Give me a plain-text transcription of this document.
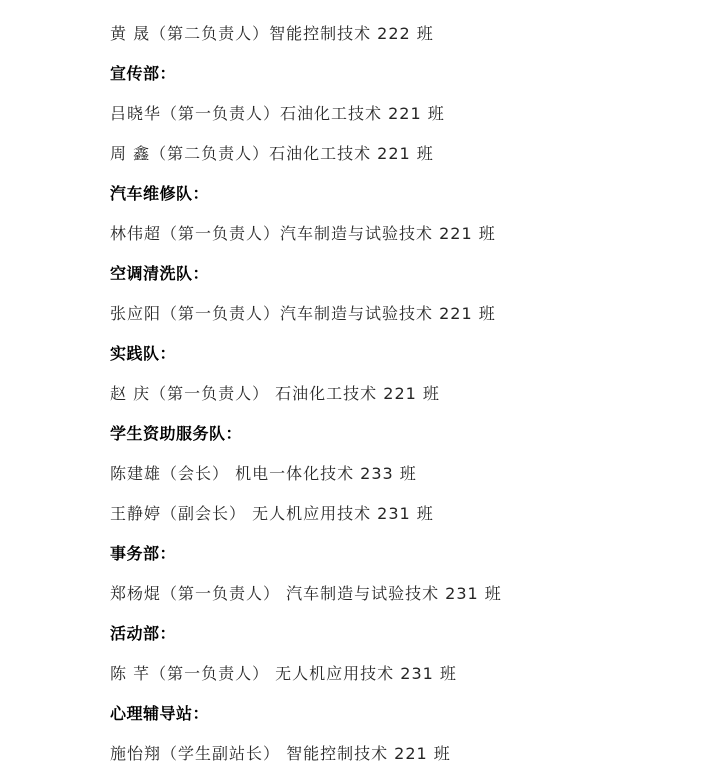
黄 晟（第二负责人）智能控制技术 222 班
宣传部：
吕晓华（第一负责人）石油化工技术 221 班
周 鑫（第二负责人）石油化工技术 221 班
汽车维修队：
林伟超（第一负责人）汽车制造与试验技术 221 班
空调清洗队：
张应阳（第一负责人）汽车制造与试验技术 221 班
实践队：
赵 庆（第一负责人） 石油化工技术 221 班
学生资助服务队：
陈建雄（会长） 机电一体化技术 233 班
王静婷（副会长） 无人机应用技术 231 班
事务部：
郑杨焜（第一负责人） 汽车制造与试验技术 231 班
活动部：
陈 芊（第一负责人） 无人机应用技术 231 班
心理辅导站：
施怡翔（学生副站长） 智能控制技术 221 班
